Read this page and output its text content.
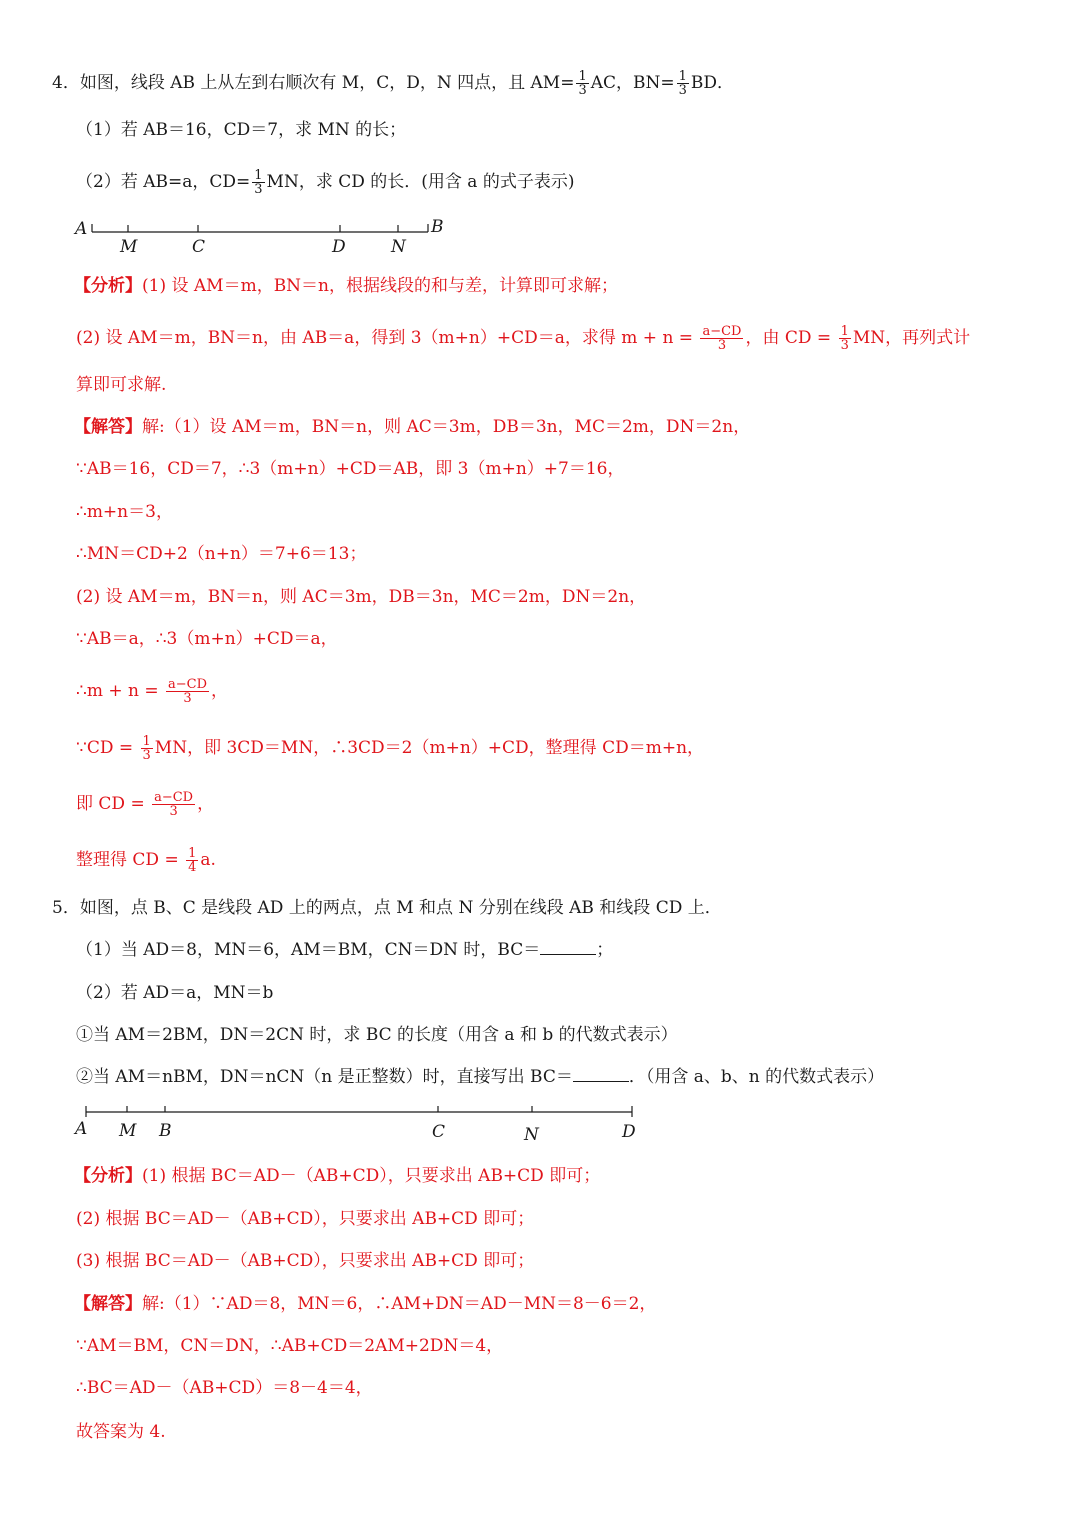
4．如图，线段 AB 上从左到右顺次有 M，C，D，N 四点，且 $AM= \frac{1}{3}$ AC，$BN= \frac{1}{3}$ BD．
（1）若 AB＝16，CD＝7，求 MN 的长；
（2）若 AB=a，$CD= \frac{1}{3}$ MN，求 CD 的长．(用含 a 的式子表示)
A
M	C	D	N
B
【分析】(1) 设 AM＝m，BN＝n，根据线段的和与差，计算即可求解；
(2) 设 AM＝m，BN＝n，由 AB＝a，得到 3（m+n）+CD＝a，求得 $m + n = \frac{a-CD}{3}$ ，由 CD = $\frac{1}{3}$ MN，再列式计
算即可求解.
【解答】解:（1）设 AM＝m，BN＝n，则 AC＝3m，DB＝3n，MC＝2m，DN＝2n，
∵AB＝16，CD＝7，∴3（m+n）+CD＝AB，即 3（m+n）+7＝16，
∴m+n＝3，
∴MN＝CD+2（n+n）＝7+6＝13；
(2) 设 AM＝m，BN＝n，则 AC＝3m，DB＝3n，MC＝2m，DN＝2n，
∵AB＝a，∴3（m+n）+CD＝a，
∴m + $n = \frac{a-CD}{3}$ ，
∵CD = $\frac{1}{3}$ MN，即 3CD＝MN，∴3CD＝2（m+n）+CD，整理得 CD＝m+n，
即 CD = $\frac{a-CD}{3}$ ，
整理得 CD = $\frac{1}{4} a$.
5．如图，点 B、C 是线段 AD 上的两点，点 M 和点 N 分别在线段 AB 和线段 CD 上．
（1）当 AD＝8，MN＝6，AM＝BM，CN＝DN 时，BC＝	；
（2）若 AD＝a，MN＝b
①当 AM＝2BM，DN＝2CN 时，求 BC 的长度（用含 a 和 b 的代数式表示）
②当 AM＝nBM，DN＝nCN（n 是正整数）时，直接写出 BC＝	．（用含 a、b、n 的代数式表示）
A M B	C	N	D
【分析】(1) 根据 BC＝AD－（AB+CD），只要求出 AB+CD 即可；
(2) 根据 BC＝AD－（AB+CD），只要求出 AB+CD 即可；
(3) 根据 BC＝AD－（AB+CD），只要求出 AB+CD 即可；
【解答】解:（1）∵AD＝8，MN＝6，∴AM+DN＝AD－MN＝8－6＝2，
∵AM＝BM，CN＝DN，∴AB+CD＝2AM+2DN＝4，
∴BC＝AD－（AB+CD）＝8－4＝4，
故答案为 4.
